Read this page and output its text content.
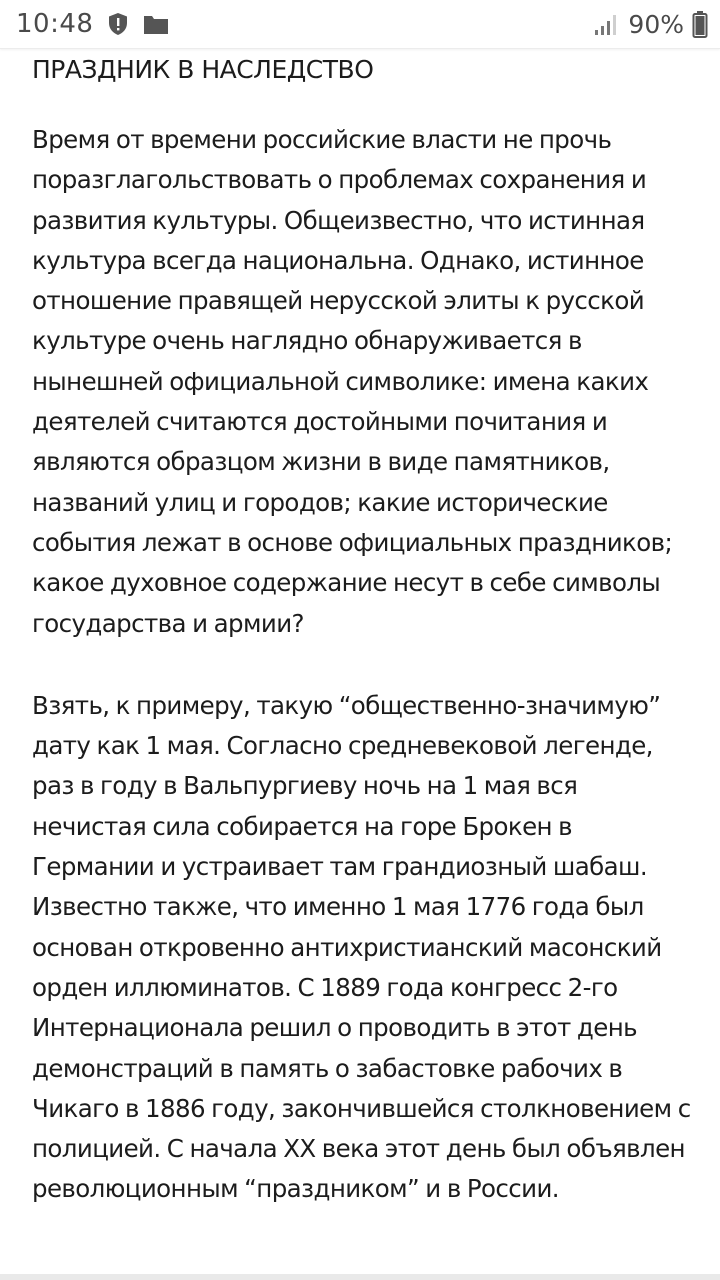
10:48	90%
ПРАЗДНИК В НАСЛЕДСТВО

Время от времени российские власти не прочь поразглагольствовать о проблемах сохранения и развития культуры. Общеизвестно, что истинная культура всегда национальна. Однако, истинное отношение правящей нерусской элиты к русской культуре очень наглядно обнаруживается в нынешней официальной символике: имена каких деятелей считаются достойными почитания и являются образцом жизни в виде памятников, названий улиц и городов; какие исторические события лежат в основе официальных праздников; какое духовное содержание несут в себе символы государства и армии?

Взять, к примеру, такую “общественно-значимую” дату как 1 мая. Согласно средневековой легенде, раз в году в Вальпургиеву ночь на 1 мая вся нечистая сила собирается на горе Брокен в Германии и устраивает там грандиозный шабаш. Известно также, что именно 1 мая 1776 года был основан откровенно антихристианский масонский орден иллюминатов. С 1889 года конгресс 2-го Интернационала решил о проводить в этот день демонстраций в память о забастовке рабочих в Чикаго в 1886 году, закончившейся столкновением с полицией. С начала XX века этот день был объявлен революционным “праздником” и в России.
